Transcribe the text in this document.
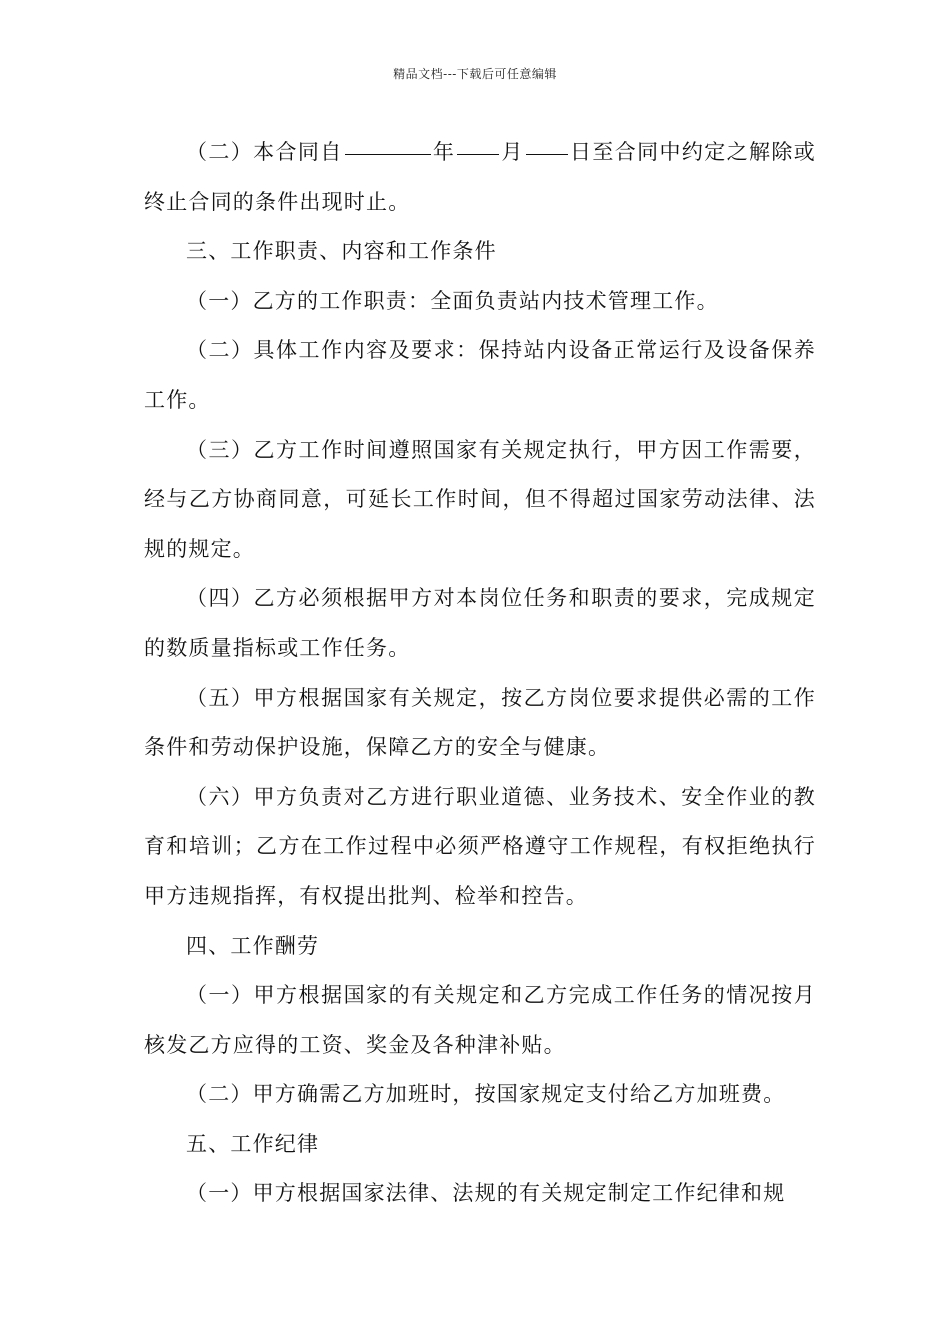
精品文档---下载后可任意编辑

（二）本合同自	年 月 日至合同中约定之解除或终止合同的条件出现时止。

三、工作职责、内容和工作条件

（一）乙方的工作职责：全面负责站内技术管理工作。

（二）具体工作内容及要求：保持站内设备正常运行及设备保养工作。

（三）乙方工作时间遵照国家有关规定执行，甲方因工作需要，经与乙方协商同意，可延长工作时间，但不得超过国家劳动法律、法规的规定。

（四）乙方必须根据甲方对本岗位任务和职责的要求，完成规定的数质量指标或工作任务。

（五）甲方根据国家有关规定，按乙方岗位要求提供必需的工作条件和劳动保护设施，保障乙方的安全与健康。

（六）甲方负责对乙方进行职业道德、业务技术、安全作业的教育和培训；乙方在工作过程中必须严格遵守工作规程，有权拒绝执行甲方违规指挥，有权提出批判、检举和控告。

四、工作酬劳

（一）甲方根据国家的有关规定和乙方完成工作任务的情况按月核发乙方应得的工资、奖金及各种津补贴。

（二）甲方确需乙方加班时，按国家规定支付给乙方加班费。

五、工作纪律

（一）甲方根据国家法律、法规的有关规定制定工作纪律和规
